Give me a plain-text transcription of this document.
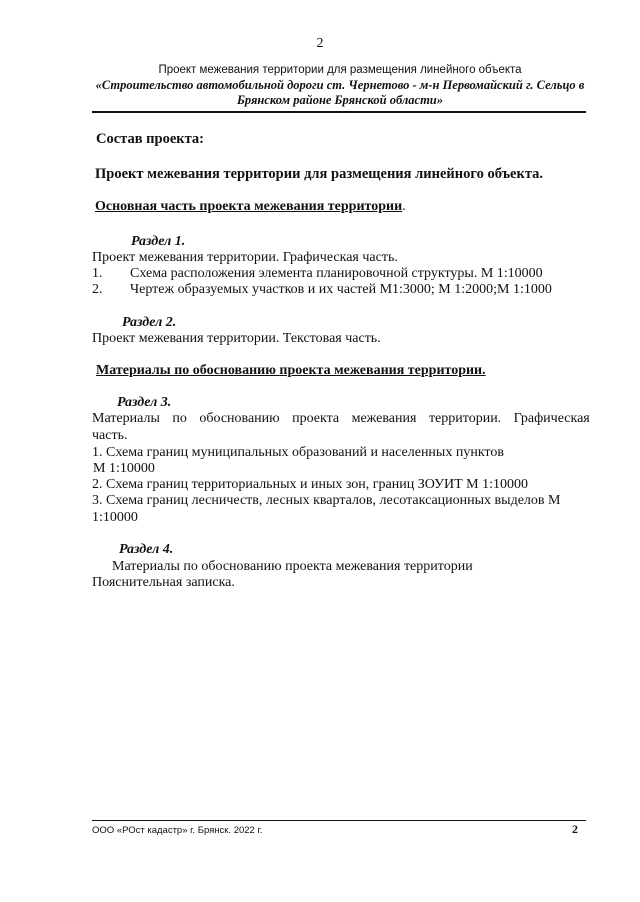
2
Проект межевания территории для размещения линейного объекта
«Строительство автомобильной дороги ст. Чернетово - м-н Первомайский г. Сельцо в
Брянском районе Брянской области»
Состав проекта:
Проект межевания территории для размещения линейного объекта.
Основная часть проекта межевания территории.
Раздел 1.
Проект межевания территории. Графическая часть.
1. Схема расположения элемента планировочной структуры. М 1:10000
2. Чертеж образуемых участков и их частей М1:3000; М 1:2000;М 1:1000
Раздел 2.
Проект межевания территории. Текстовая часть.
Материалы по обоснованию проекта межевания территории.
Раздел 3.
Материалы по обоснованию проекта межевания территории. Графическая
часть.
1. Схема границ муниципальных образований и населенных пунктов
М 1:10000
2. Схема границ территориальных и иных зон, границ ЗОУИТ М 1:10000
3. Схема границ лесничеств, лесных кварталов, лесотаксационных выделов М
1:10000
Раздел 4.
Материалы по обоснованию проекта межевания территории
Пояснительная записка.
ООО «РОст кадастр» г. Брянск. 2022 г.	2
